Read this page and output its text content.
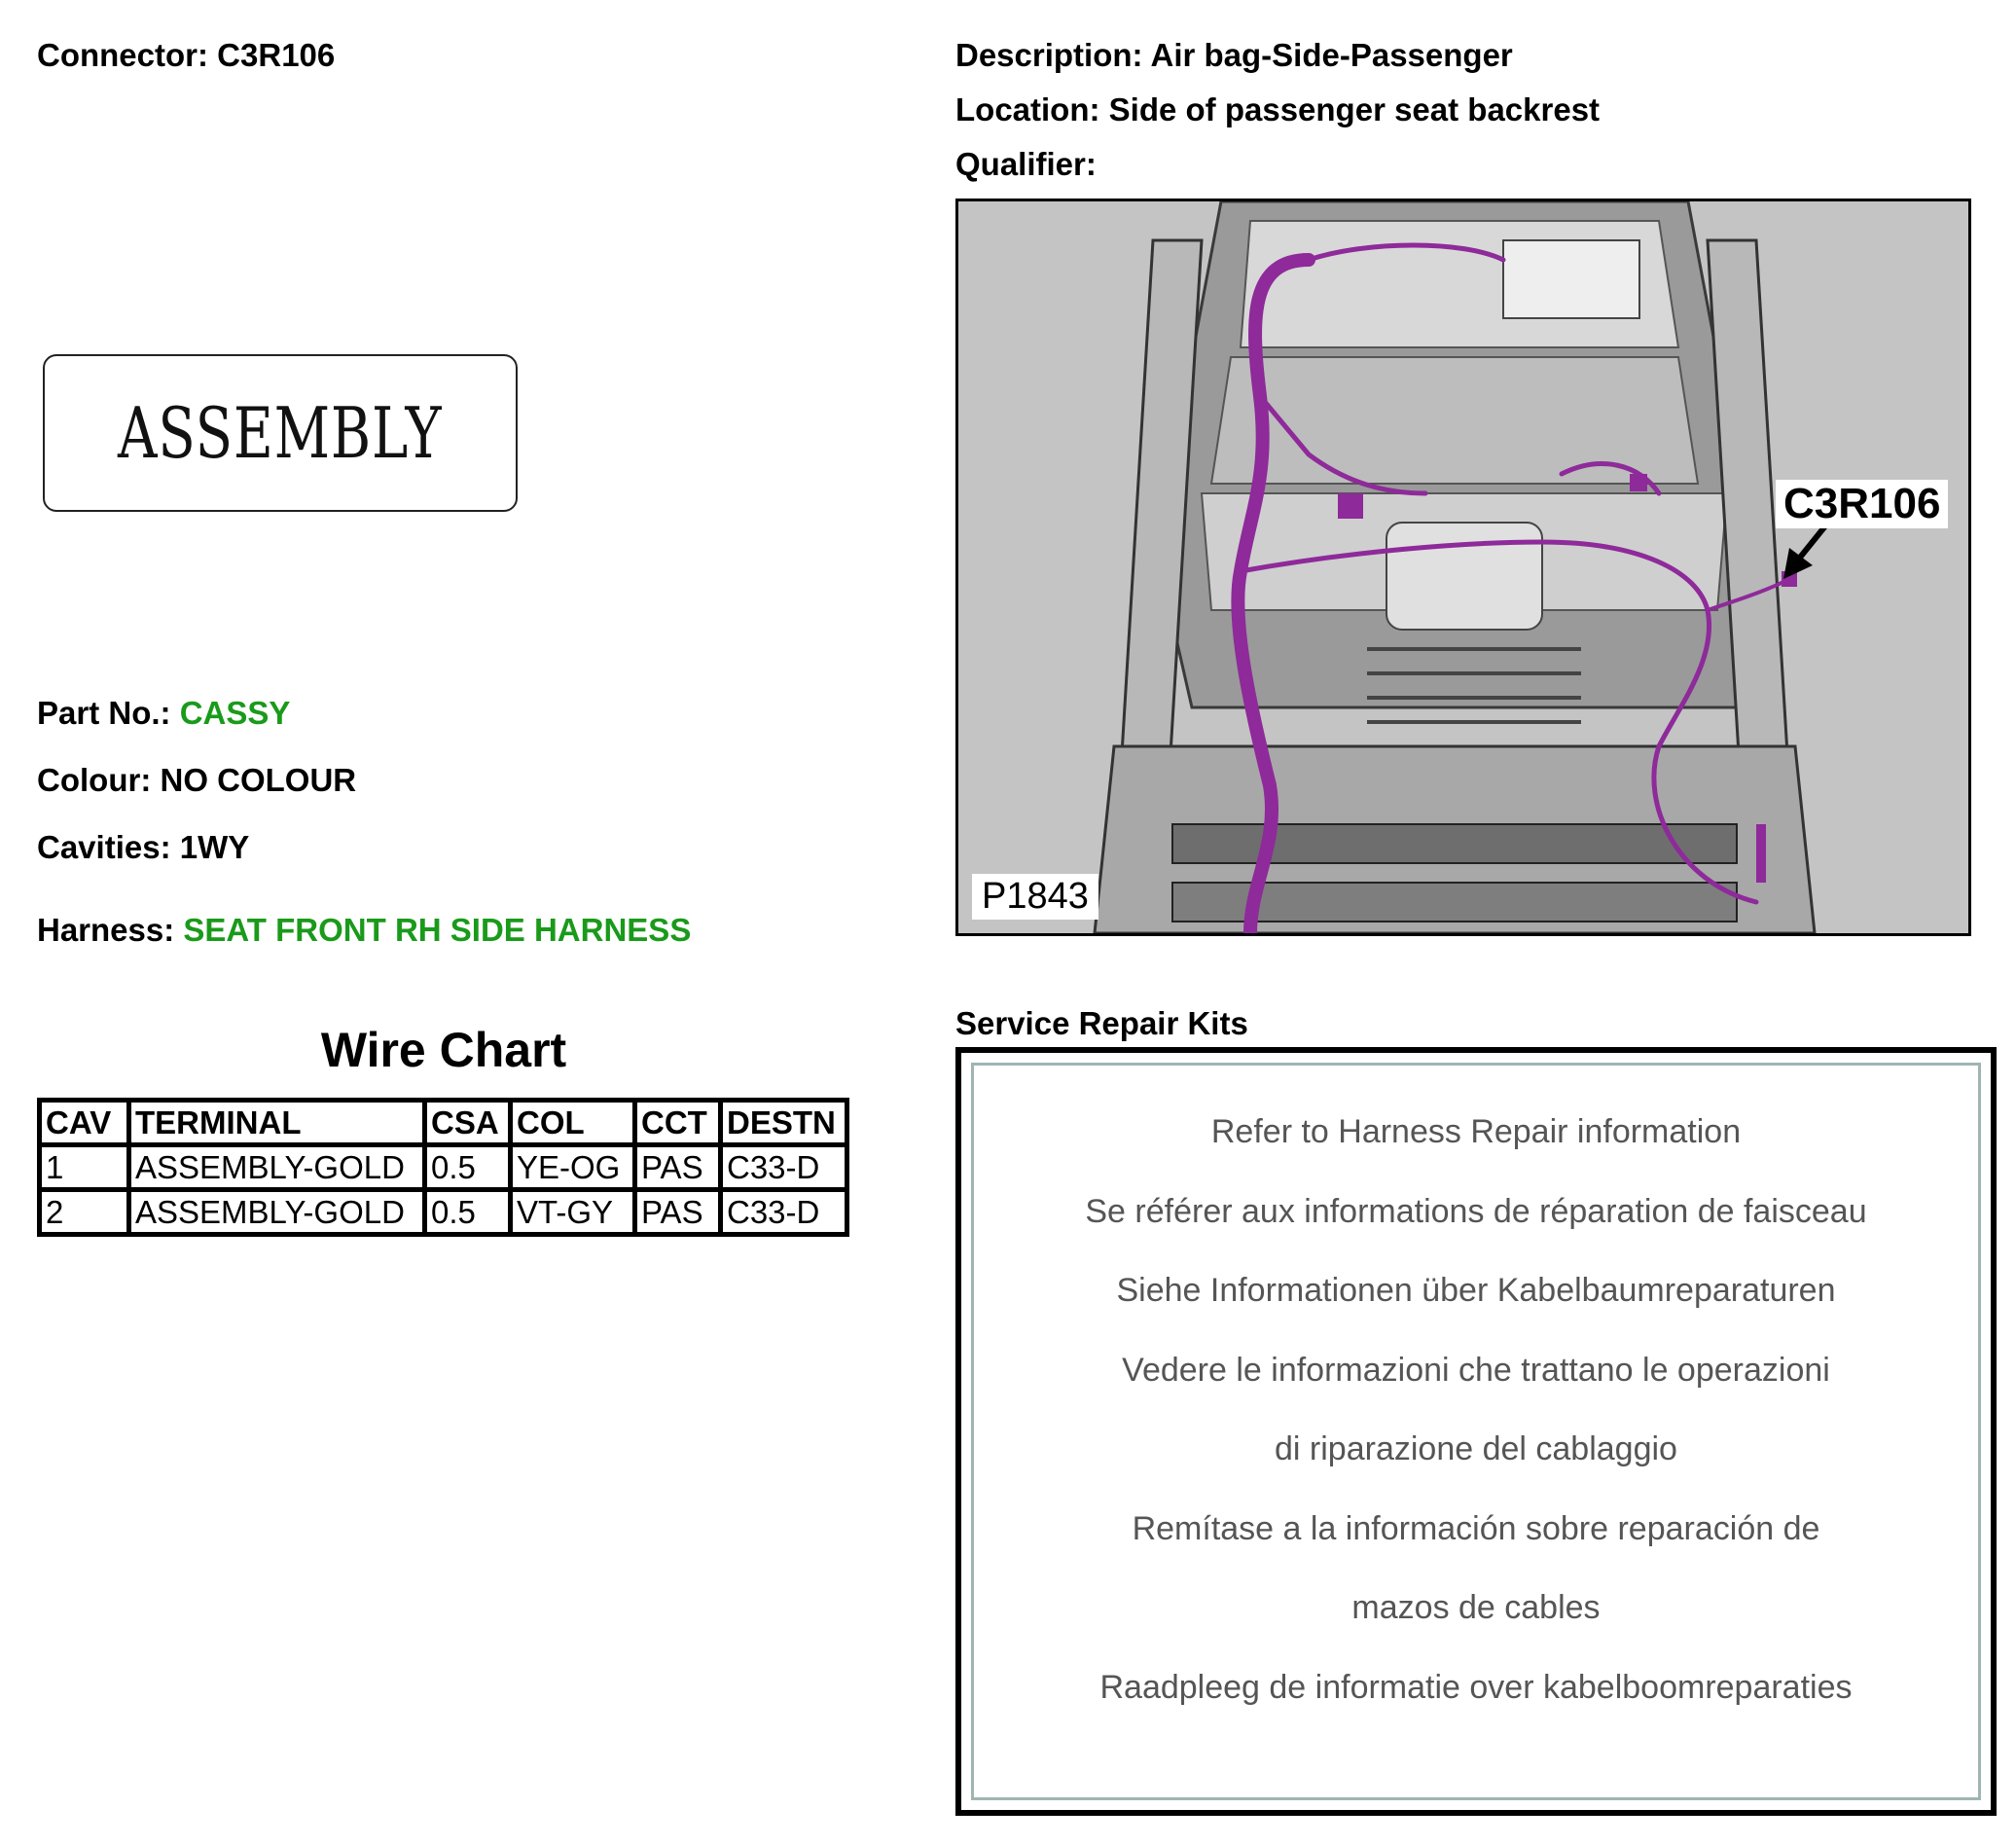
Connector: C3R106	Description: Air bag-Side-Passenger
Location: Side of passenger seat backrest
Qualifier:
ASSEMBLY
Part No.: CASSY
Colour: NO COLOUR
Cavities: 1WY
Harness: SEAT FRONT RH SIDE HARNESS
Wire Chart
CAV	TERMINAL	CSA	COL	CCT	DESTN
1	ASSEMBLY-GOLD	0.5	YE-OG	PAS	C33-D
2	ASSEMBLY-GOLD	0.5	VT-GY	PAS	C33-D
C3R106
P1843
Service Repair Kits
Refer to Harness Repair information
Se référer aux informations de réparation de faisceau
Siehe Informationen über Kabelbaumreparaturen
Vedere le informazioni che trattano le operazioni
di riparazione del cablaggio
Remítase a la información sobre reparación de
mazos de cables
Raadpleeg de informatie over kabelboomreparaties
